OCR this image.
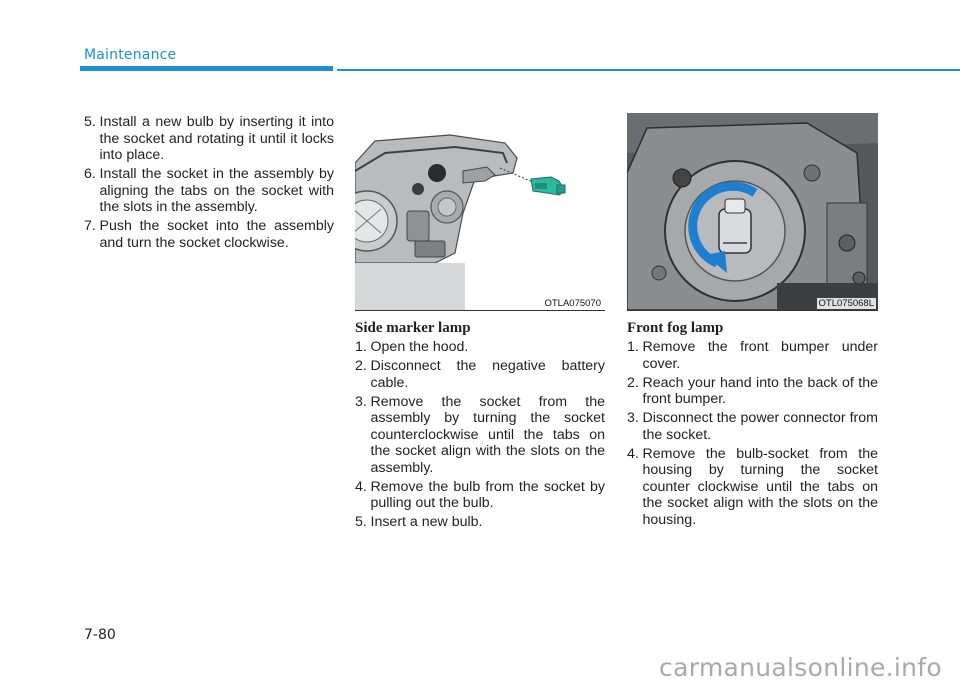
Maintenance
5. Install a new bulb by inserting it into the socket and rotating it until it locks into place.
6. Install the socket in the assembly by aligning the tabs on the socket with the slots in the assembly.
7. Push the socket into the assembly and turn the socket clockwise.
OTLA075070	OTL075068L
Side marker lamp
1. Open the hood.
2. Disconnect the negative battery cable.
3. Remove the socket from the assembly by turning the socket counterclockwise until the tabs on the socket align with the slots on the assembly.
4. Remove the bulb from the socket by pulling out the bulb.
5. Insert a new bulb.
Front fog lamp
1. Remove the front bumper under cover.
2. Reach your hand into the back of the front bumper.
3. Disconnect the power connector from the socket.
4. Remove the bulb-socket from the housing by turning the socket counter clockwise until the tabs on the socket align with the slots on the housing.
7-80
carmanualsonline.info
